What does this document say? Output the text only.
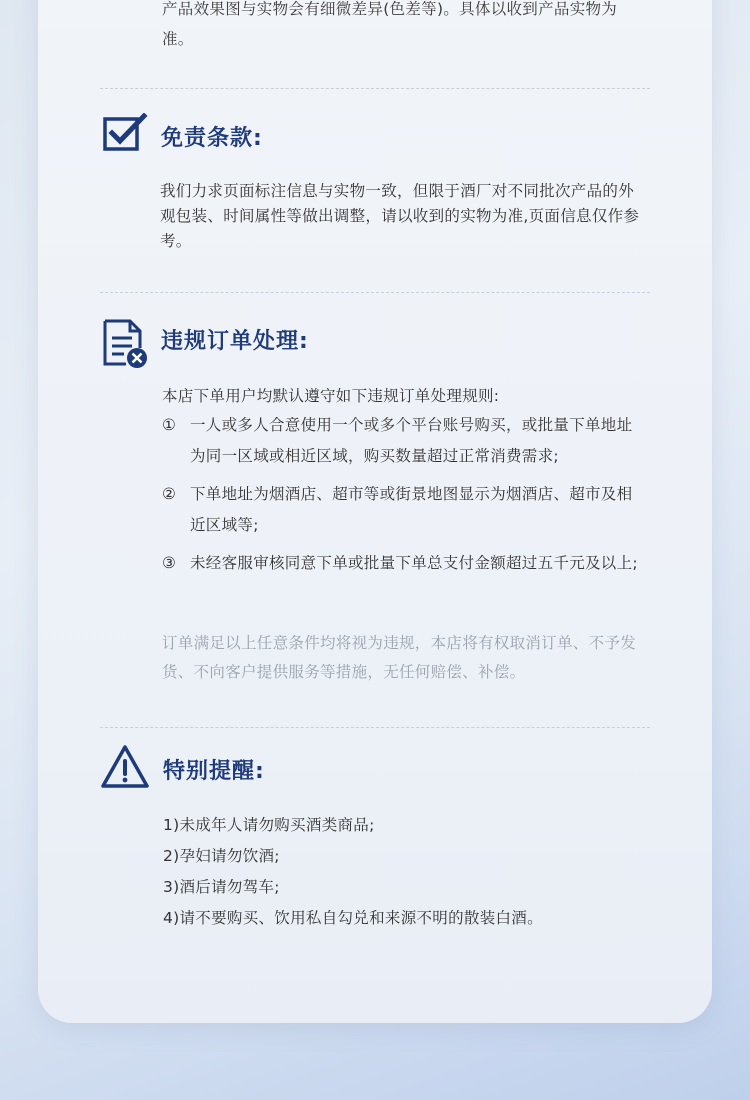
产品效果图与实物会有细微差异(色差等)。具体以收到产品实物为准。
免责条款:
我们力求页面标注信息与实物一致，但限于酒厂对不同批次产品的外观包装、时间属性等做出调整，请以收到的实物为准,页面信息仅作参考。
违规订单处理:
本店下单用户均默认遵守如下违规订单处理规则:
① 一人或多人合意使用一个或多个平台账号购买，或批量下单地址为同一区域或相近区域，购买数量超过正常消费需求;
② 下单地址为烟酒店、超市等或街景地图显示为烟酒店、超市及相近区域等;
③ 未经客服审核同意下单或批量下单总支付金额超过五千元及以上;
订单满足以上任意条件均将视为违规，本店将有权取消订单、不予发货、不向客户提供服务等措施，无任何赔偿、补偿。
特别提醒:
1)未成年人请勿购买酒类商品;
2)孕妇请勿饮酒;
3)酒后请勿驾车;
4)请不要购买、饮用私自勾兑和来源不明的散装白酒。
